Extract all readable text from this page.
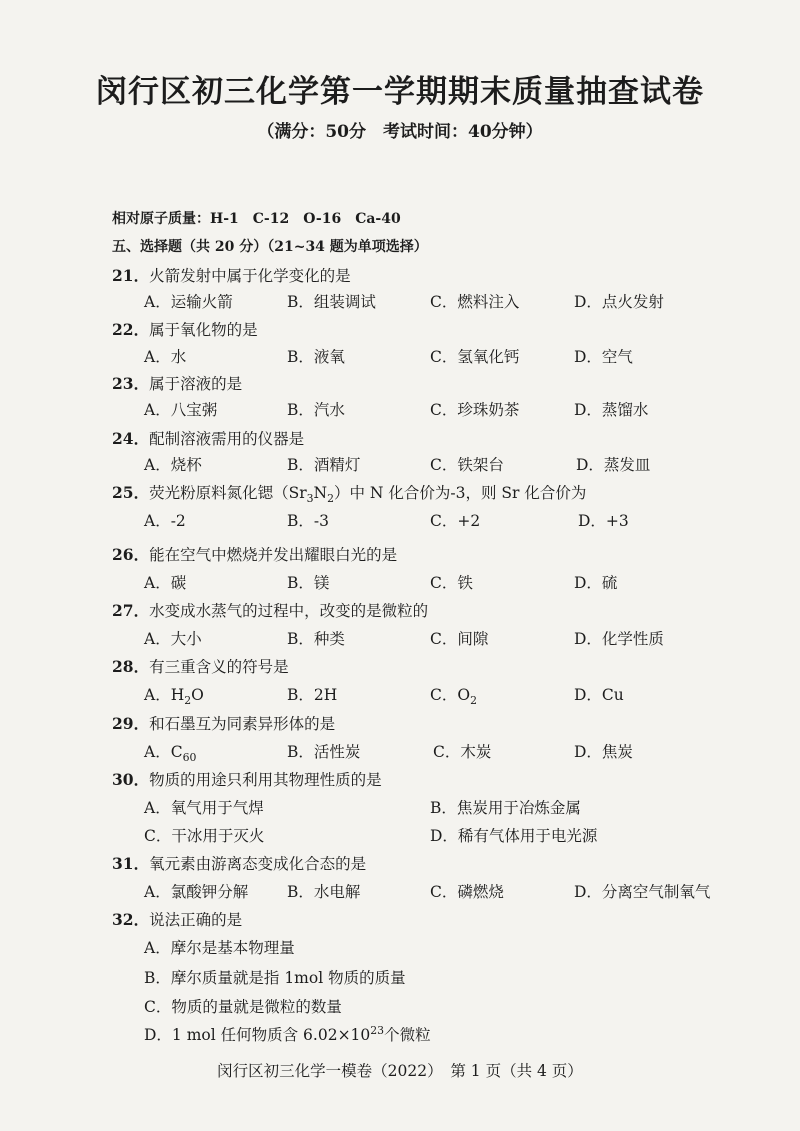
闵行区初三化学第一学期期末质量抽查试卷
（满分：50分　考试时间：40分钟）
相对原子质量：H-1　C-12　O-16　Ca-40
五、选择题（共 20 分）（21~34 题为单项选择）
21．火箭发射中属于化学变化的是
A．运输火箭	B．组装调试	C．燃料注入	D．点火发射
22．属于氧化物的是
A．水	B．液氧	C．氢氧化钙	D．空气
23．属于溶液的是
A．八宝粥	B．汽水	C．珍珠奶茶	D．蒸馏水
24．配制溶液需用的仪器是
A．烧杯	B．酒精灯	C．铁架台	D．蒸发皿
25．荧光粉原料氮化锶$(Sr_3N_2)$中 N 化合价为-3，则 Sr 化合价为
A．-2	B．-3	C．+2	D．+3
26．能在空气中燃烧并发出耀眼白光的是
A．碳	B．镁	C．铁	D．硫
27．水变成水蒸气的过程中，改变的是微粒的
A．大小	B．种类	C．间隙	D．化学性质
28．有三重含义的符号是
A．$H_2O$	B．2H	C．$O_2$	D．Cu
29．和石墨互为同素异形体的是
A．$C_{60}$	B．活性炭	C．木炭	D．焦炭
30．物质的用途只利用其物理性质的是
A．氧气用于气焊	B．焦炭用于冶炼金属
C．干冰用于灭火	D．稀有气体用于电光源
31．氧元素由游离态变成化合态的是
A．氯酸钾分解	B．水电解	C．磷燃烧	D．分离空气制氧气
32．说法正确的是
A．摩尔是基本物理量
B．摩尔质量就是指 1mol 物质的质量
C．物质的量就是微粒的数量
D．1 mol 任何物质含 $6.02\times 10^{23}$个微粒
闵行区初三化学一模卷（2022）　第 1 页（共 4 页）
